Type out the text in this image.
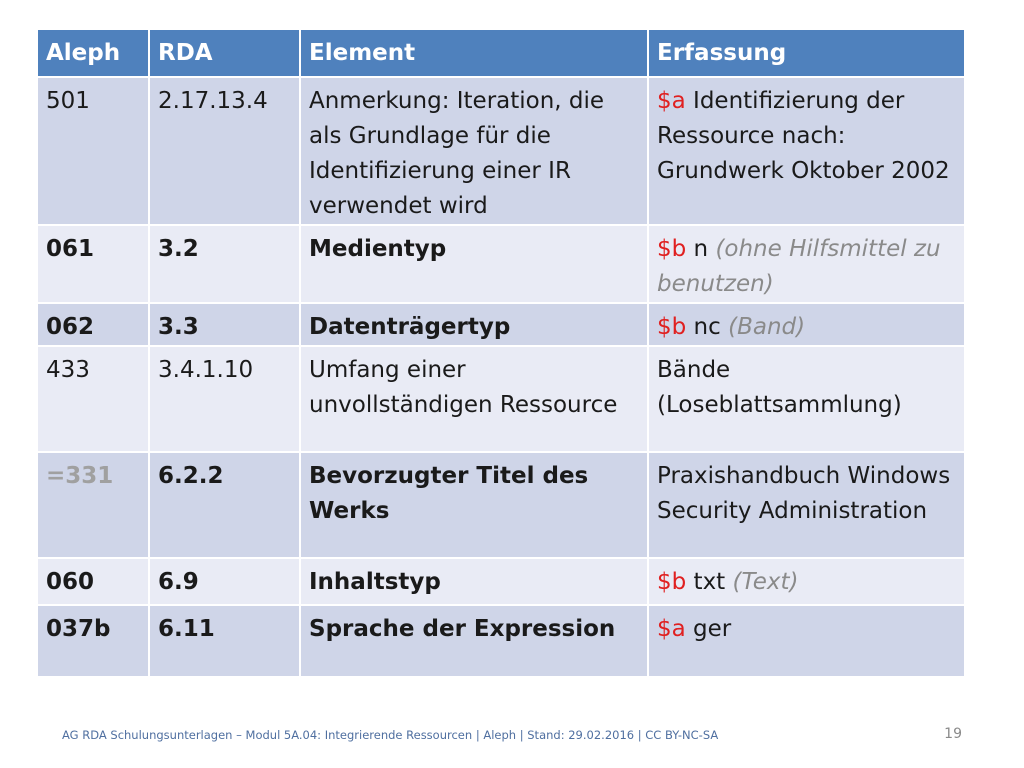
Aleph	RDA	Element	Erfassung
501	2.17.13.4	Anmerkung: Iteration, die als Grundlage für die Identifizierung einer IR verwendet wird	$a Identifizierung der Ressource nach: Grundwerk Oktober 2002
061	3.2	Medientyp	$b n (ohne Hilfsmittel zu benutzen)
062	3.3	Datenträgertyp	$b nc (Band)
433	3.4.1.10	Umfang einer unvollständigen Ressource	Bände (Loseblattsammlung)
=331	6.2.2	Bevorzugter Titel des Werks	Praxishandbuch Windows Security Administration
060	6.9	Inhaltstyp	$b txt (Text)
037b	6.11	Sprache der Expression	$a ger
AG RDA Schulungsunterlagen – Modul 5A.04: Integrierende Ressourcen | Aleph | Stand: 29.02.2016 | CC BY-NC-SA	19
